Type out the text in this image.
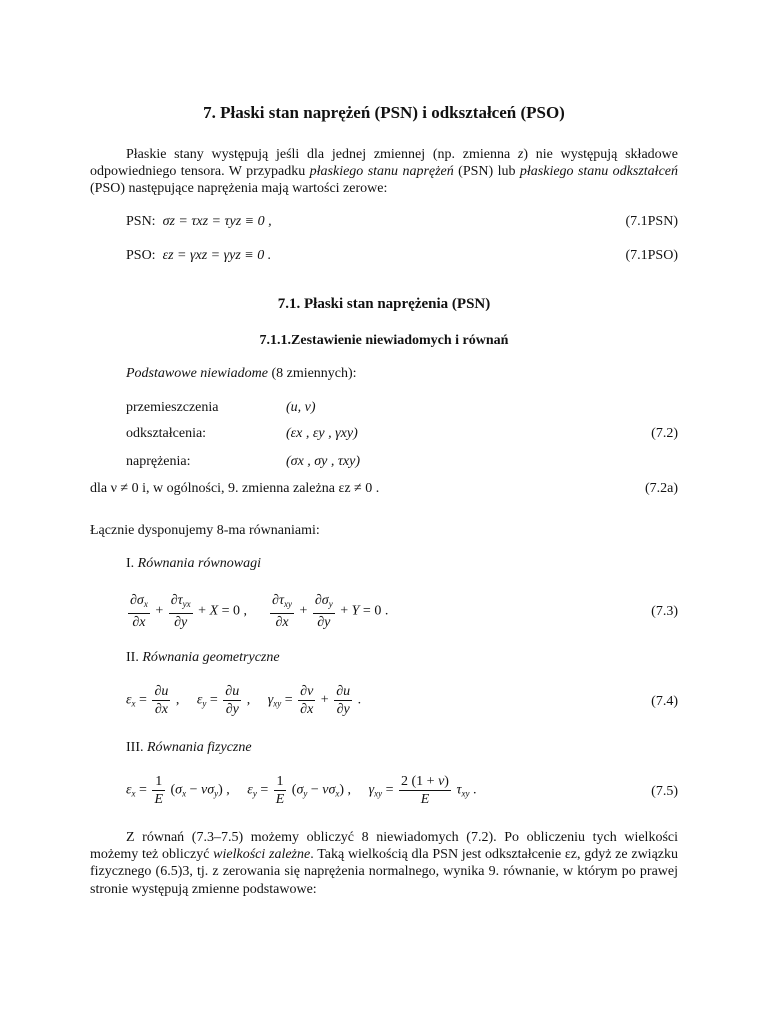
7. Płaski stan naprężeń (PSN) i odkształceń (PSO)
Płaskie stany występują jeśli dla jednej zmiennej (np. zmienna z) nie występują składowe odpowiedniego tensora. W przypadku płaskiego stanu naprężeń (PSN) lub płaskiego stanu odkształceń (PSO) następujące naprężenia mają wartości zerowe:
PSN: σz = τxz = τyz ≡ 0 ,	(7.1PSN)
PSO: εz = γxz = γyz ≡ 0 .	(7.1PSO)
7.1. Płaski stan naprężenia (PSN)
7.1.1.Zestawienie niewiadomych i równań
Podstawowe niewiadome (8 zmiennych):
przemieszczenia	(u, v)
odkształcenia:	(εx , εy , γxy)	(7.2)
naprężenia:	(σx , σy , τxy)
dla ν ≠ 0 i, w ogólności, 9. zmienna zależna εz ≠ 0 .	(7.2a)
Łącznie dysponujemy 8-ma równaniami:
I. Równania równowagi
$\frac{\partial\sigma_x}{\partial x} + \frac{\partial\tau_{yx}}{\partial y} + X = 0$ , $\frac{\partial\tau_{xy}}{\partial x} + \frac{\partial\sigma_y}{\partial y} + Y = 0$ .	(7.3)
II. Równania geometryczne
$\varepsilon_x = \frac{\partial u}{\partial x}$ , $\varepsilon_y = \frac{\partial u}{\partial y}$ , $\gamma_{xy} = \frac{\partial v}{\partial x} + \frac{\partial u}{\partial y}$ .	(7.4)
III. Równania fizyczne
$\varepsilon_x = \frac{1}{E} (\sigma_x - \nu\sigma_y)$ , $\varepsilon_y = \frac{1}{E} (\sigma_y - \nu\sigma_x)$ , $\gamma_{xy} = \frac{2 (1 + \nu)}{E} \tau_{xy}$ .	(7.5)
Z równań (7.3–7.5) możemy obliczyć 8 niewiadomych (7.2). Po obliczeniu tych wielkości możemy też obliczyć wielkości zależne. Taką wielkością dla PSN jest odkształcenie εz, gdyż ze związku fizycznego (6.5)3, tj. z zerowania się naprężenia normalnego, wynika 9. równanie, w którym po prawej stronie występują zmienne podstawowe:
